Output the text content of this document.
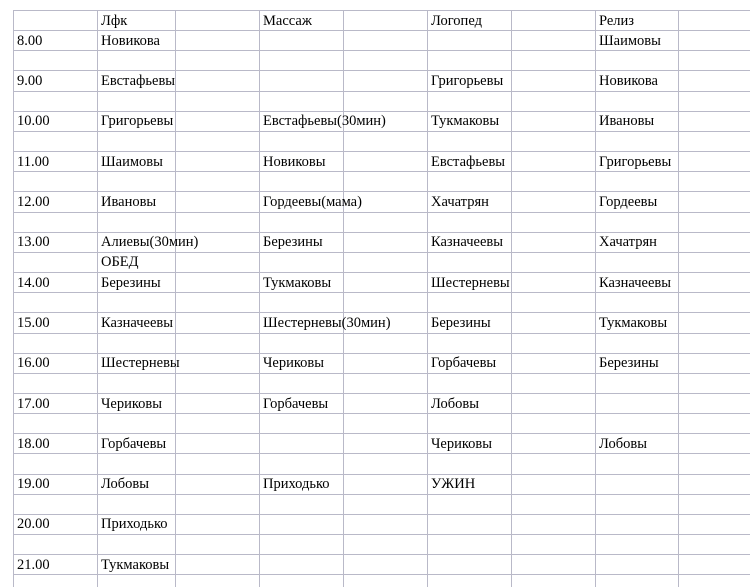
	Лфк		Массаж		Логопед		Релиз	
8.00	Новикова						Шаимовы	

9.00	Евстафьевы				Григорьевы		Новикова	

10.00	Григорьевы		Евстафьевы(30мин)		Тукмаковы		Ивановы	

11.00	Шаимовы		Новиковы		Евстафьевы		Григорьевы	

12.00	Ивановы		Гордеевы(мама)		Хачатрян		Гордеевы	

13.00	Алиевы(30мин)		Березины		Казначеевы		Хачатрян	
	ОБЕД							
14.00	Березины		Тукмаковы		Шестерневы		Казначеевы	

15.00	Казначеевы		Шестерневы(30мин)		Березины		Тукмаковы	

16.00	Шестерневы		Чериковы		Горбачевы		Березины	

17.00	Чериковы		Горбачевы		Лобовы			

18.00	Горбачевы				Чериковы		Лобовы	

19.00	Лобовы		Приходько		УЖИН			

20.00	Приходько							

21.00	Тукмаковы							
